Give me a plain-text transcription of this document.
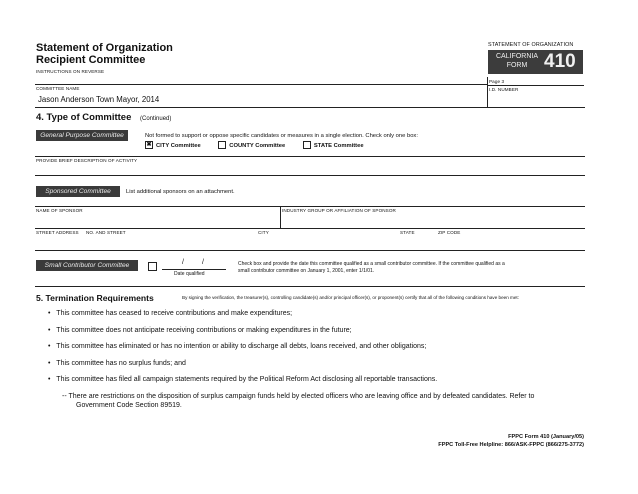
Statement of Organization
Recipient Committee
INSTRUCTIONS ON REVERSE
STATEMENT OF ORGANIZATION
CALIFORNIA
FORM 410
Page 3
I.D. NUMBER
COMMITTEE NAME
Jason Anderson Town Mayor, 2014
4. Type of Committee (Continued)
General Purpose Committee	Not formed to support or oppose specific candidates or measures in a single election. Check only one box:
✖ CITY Committee	COUNTY Committee	STATE Committee
PROVIDE BRIEF DESCRIPTION OF ACTIVITY
Sponsored Committee	List additional sponsors on an attachment.
NAME OF SPONSOR	INDUSTRY GROUP OR AFFILIATION OF SPONSOR
STREET ADDRESS NO. AND STREET	CITY	STATE	ZIP CODE
Small Contributor Committee	/	/
Date qualified
Check box and provide the date this committee qualified as a small contributor committee. If the committee qualified as a
small contributor committee on January 1, 2001, enter 1/1/01.
5. Termination Requirements	By signing the verification, the treasurer(s), controlling candidate(s) and/or principal officer(s), or proponent(s) certify that all of the following conditions have been met:
•   This committee has ceased to receive contributions and make expenditures;
•   This committee does not anticipate receiving contributions or making expenditures in the future;
•   This committee has eliminated or has no intention or ability to discharge all debts, loans received, and other obligations;
•   This committee has no surplus funds; and
•   This committee has filed all campaign statements required by the Political Reform Act disclosing all reportable transactions.
-- There are restrictions on the disposition of surplus campaign funds held by elected officers who are leaving office and by defeated candidates. Refer to
Government Code Section 89519.
FPPC Form 410 (January/05)
FPPC Toll-Free Helpline: 866/ASK-FPPC (866/275-3772)
